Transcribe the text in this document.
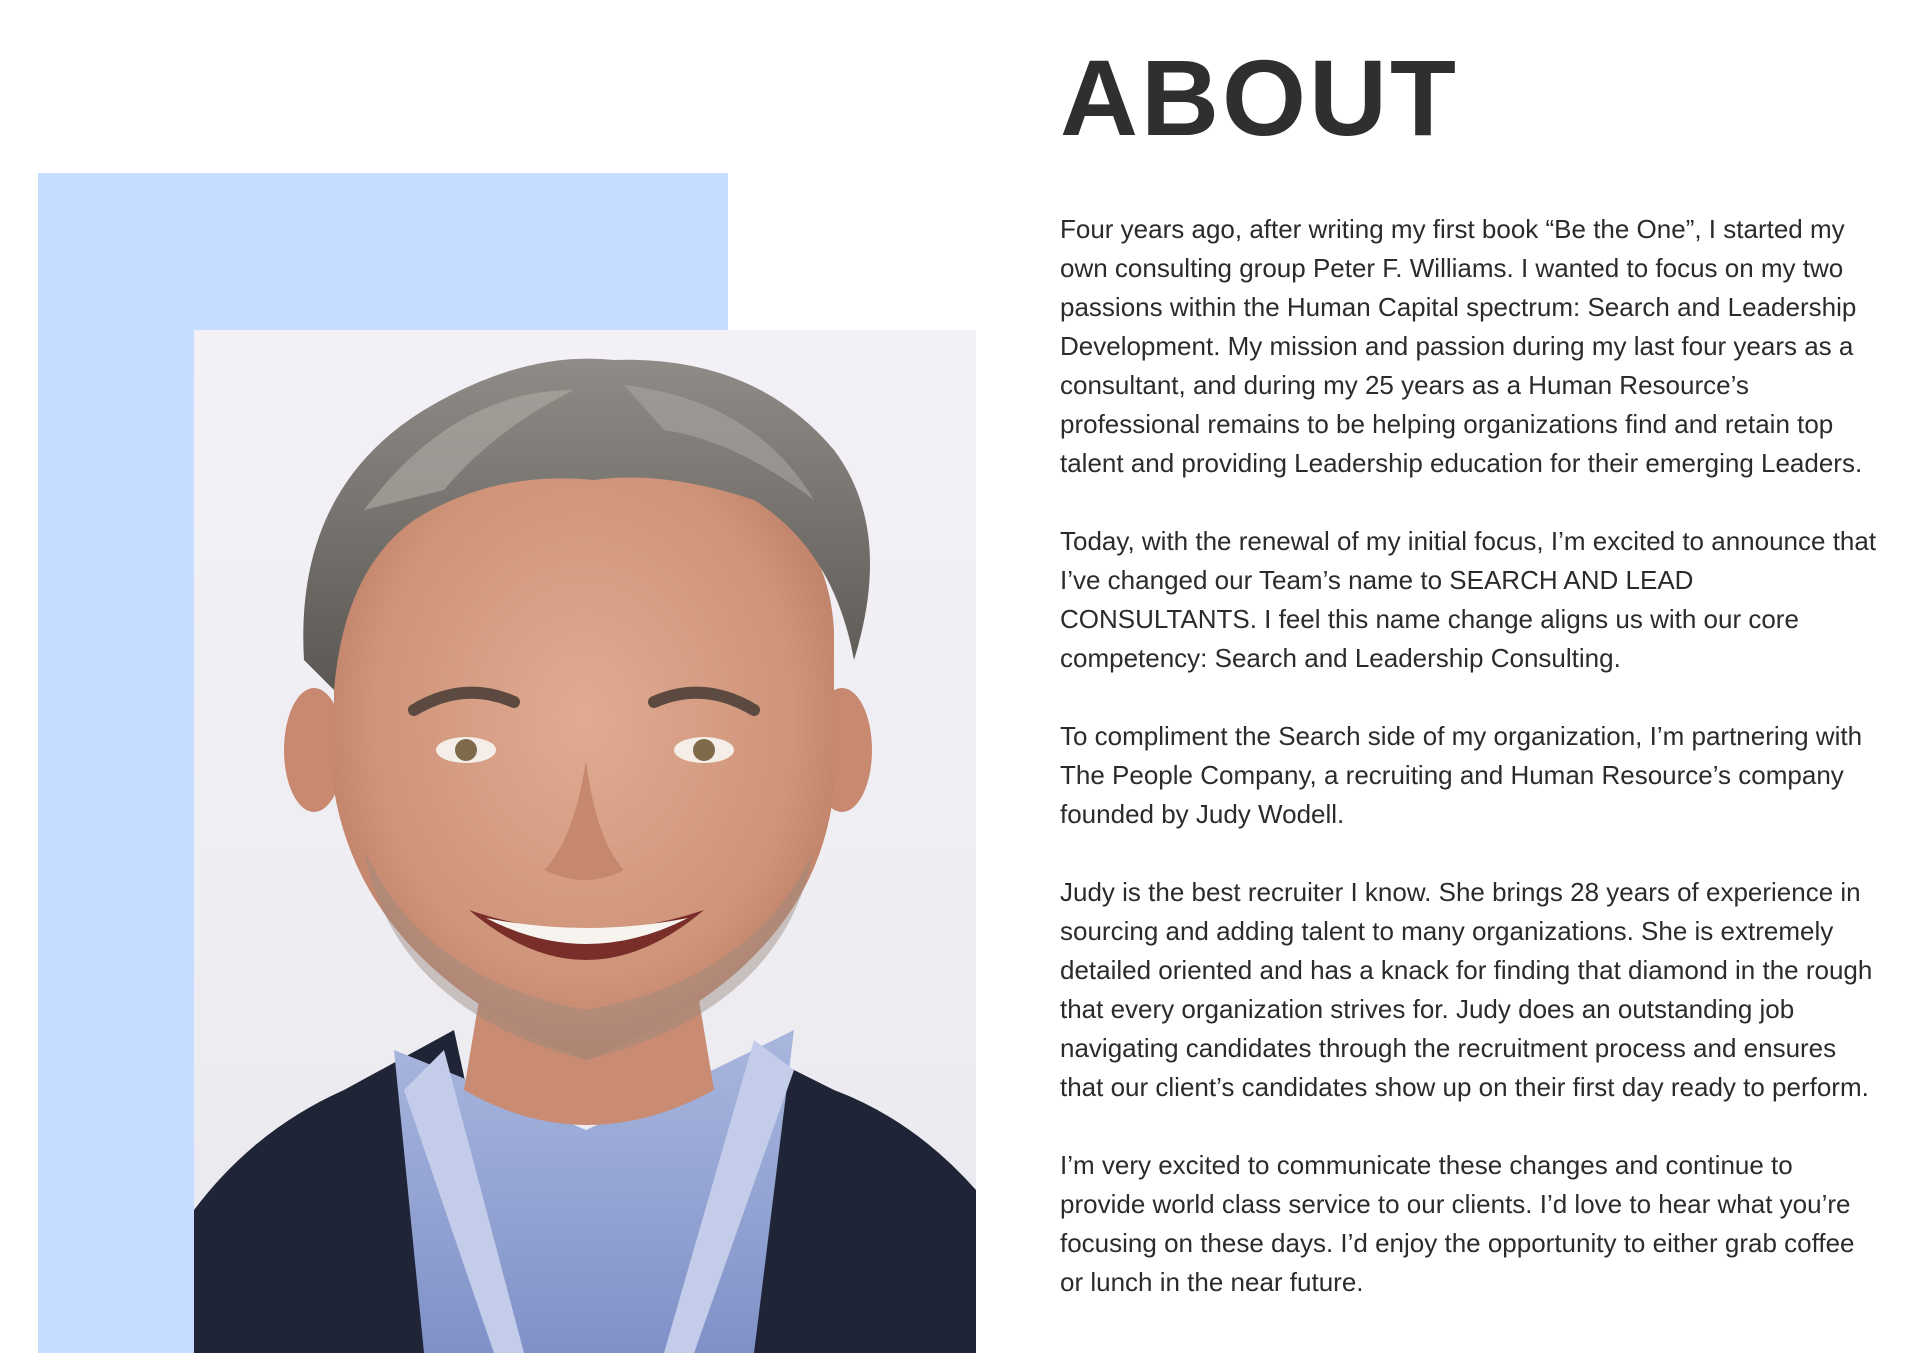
ABOUT

Four years ago, after writing my first book “Be the One”, I started my own consulting group Peter F. Williams. I wanted to focus on my two passions within the Human Capital spectrum: Search and Leadership Development. My mission and passion during my last four years as a consultant, and during my 25 years as a Human Resource’s professional remains to be helping organizations find and retain top talent and providing Leadership education for their emerging Leaders.

Today, with the renewal of my initial focus, I’m excited to announce that I’ve changed our Team’s name to SEARCH AND LEAD CONSULTANTS. I feel this name change aligns us with our core competency: Search and Leadership Consulting.

To compliment the Search side of my organization, I’m partnering with The People Company, a recruiting and Human Resource’s company founded by Judy Wodell.

Judy is the best recruiter I know. She brings 28 years of experience in sourcing and adding talent to many organizations. She is extremely detailed oriented and has a knack for finding that diamond in the rough that every organization strives for. Judy does an outstanding job navigating candidates through the recruitment process and ensures that our client’s candidates show up on their first day ready to perform.

I’m very excited to communicate these changes and continue to provide world class service to our clients. I’d love to hear what you’re focusing on these days. I’d enjoy the opportunity to either grab coffee or lunch in the near future.
